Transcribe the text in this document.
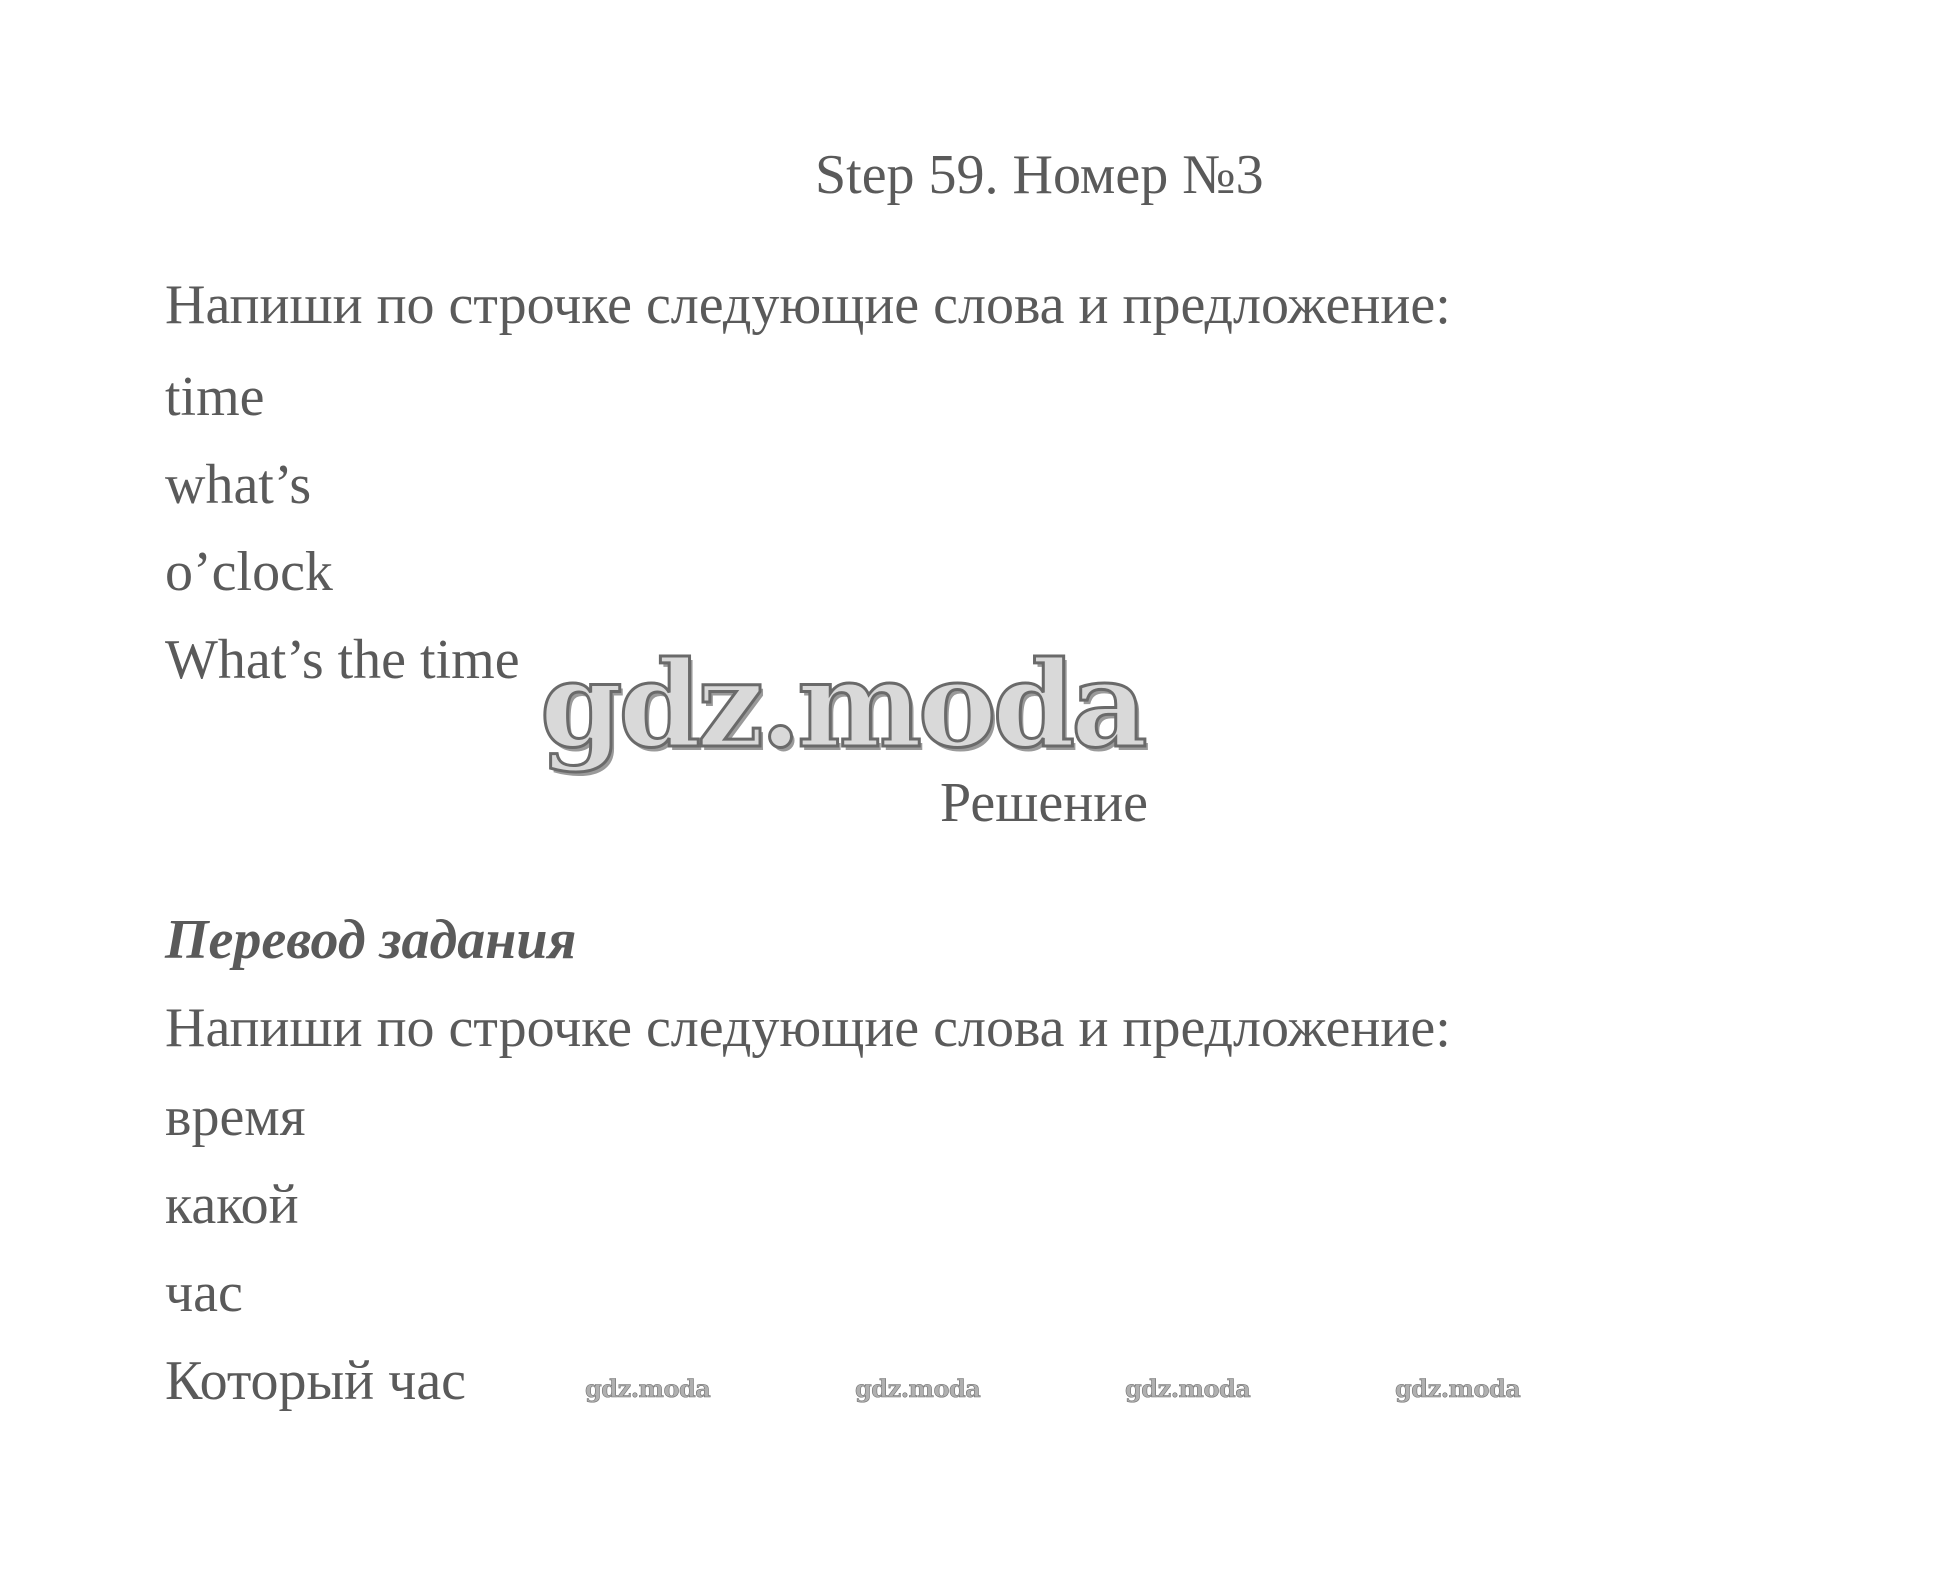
Step 59. Номер №3
Напиши по строчке следующие слова и предложение:
time
what’s
o’clock
What’s the time gdz.moda
Решение
Перевод задания
Напиши по строчке следующие слова и предложение:
время
какой
час
Который час	gdz.moda	gdz.moda	gdz.moda	gdz.moda
